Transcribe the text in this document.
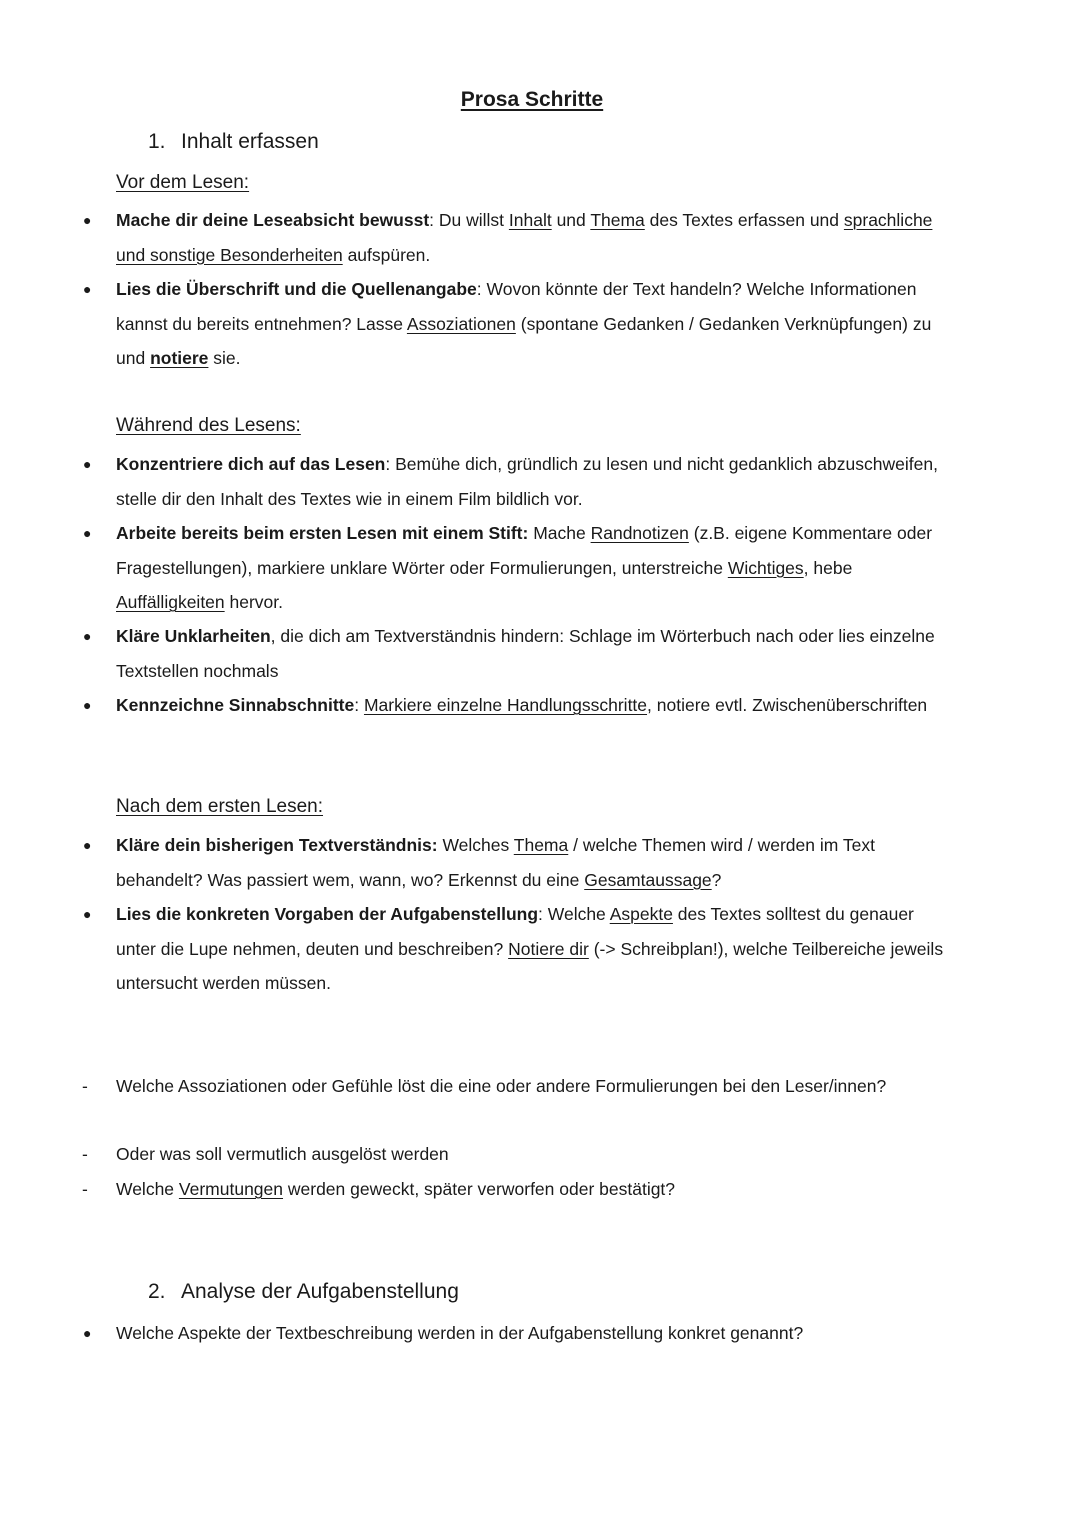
Prosa Schritte
1. Inhalt erfassen
Vor dem Lesen:
●	Mache dir deine Leseabsicht bewusst: Du willst Inhalt und Thema des Textes erfassen und sprachliche und sonstige Besonderheiten aufspüren.
●	Lies die Überschrift und die Quellenangabe: Wovon könnte der Text handeln? Welche Informationen kannst du bereits entnehmen? Lasse Assoziationen (spontane Gedanken / Gedanken Verknüpfungen) zu und notiere sie.
Während des Lesens:
●	Konzentriere dich auf das Lesen: Bemühe dich, gründlich zu lesen und nicht gedanklich abzuschweifen, stelle dir den Inhalt des Textes wie in einem Film bildlich vor.
●	Arbeite bereits beim ersten Lesen mit einem Stift: Mache Randnotizen (z.B. eigene Kommentare oder Fragestellungen), markiere unklare Wörter oder Formulierungen, unterstreiche Wichtiges, hebe Auffälligkeiten hervor.
●	Kläre Unklarheiten, die dich am Textverständnis hindern: Schlage im Wörterbuch nach oder lies einzelne Textstellen nochmals
●	Kennzeichne Sinnabschnitte: Markiere einzelne Handlungsschritte, notiere evtl. Zwischenüberschriften
Nach dem ersten Lesen:
●	Kläre dein bisherigen Textverständnis: Welches Thema / welche Themen wird / werden im Text behandelt? Was passiert wem, wann, wo? Erkennst du eine Gesamtaussage?
●	Lies die konkreten Vorgaben der Aufgabenstellung: Welche Aspekte des Textes solltest du genauer unter die Lupe nehmen, deuten und beschreiben? Notiere dir (-> Schreibplan!), welche Teilbereiche jeweils untersucht werden müssen.
-	Welche Assoziationen oder Gefühle löst die eine oder andere Formulierungen bei den Leser/innen?
-	Oder was soll vermutlich ausgelöst werden
-	Welche Vermutungen werden geweckt, später verworfen oder bestätigt?
2. Analyse der Aufgabenstellung
●	Welche Aspekte der Textbeschreibung werden in der Aufgabenstellung konkret genannt?
